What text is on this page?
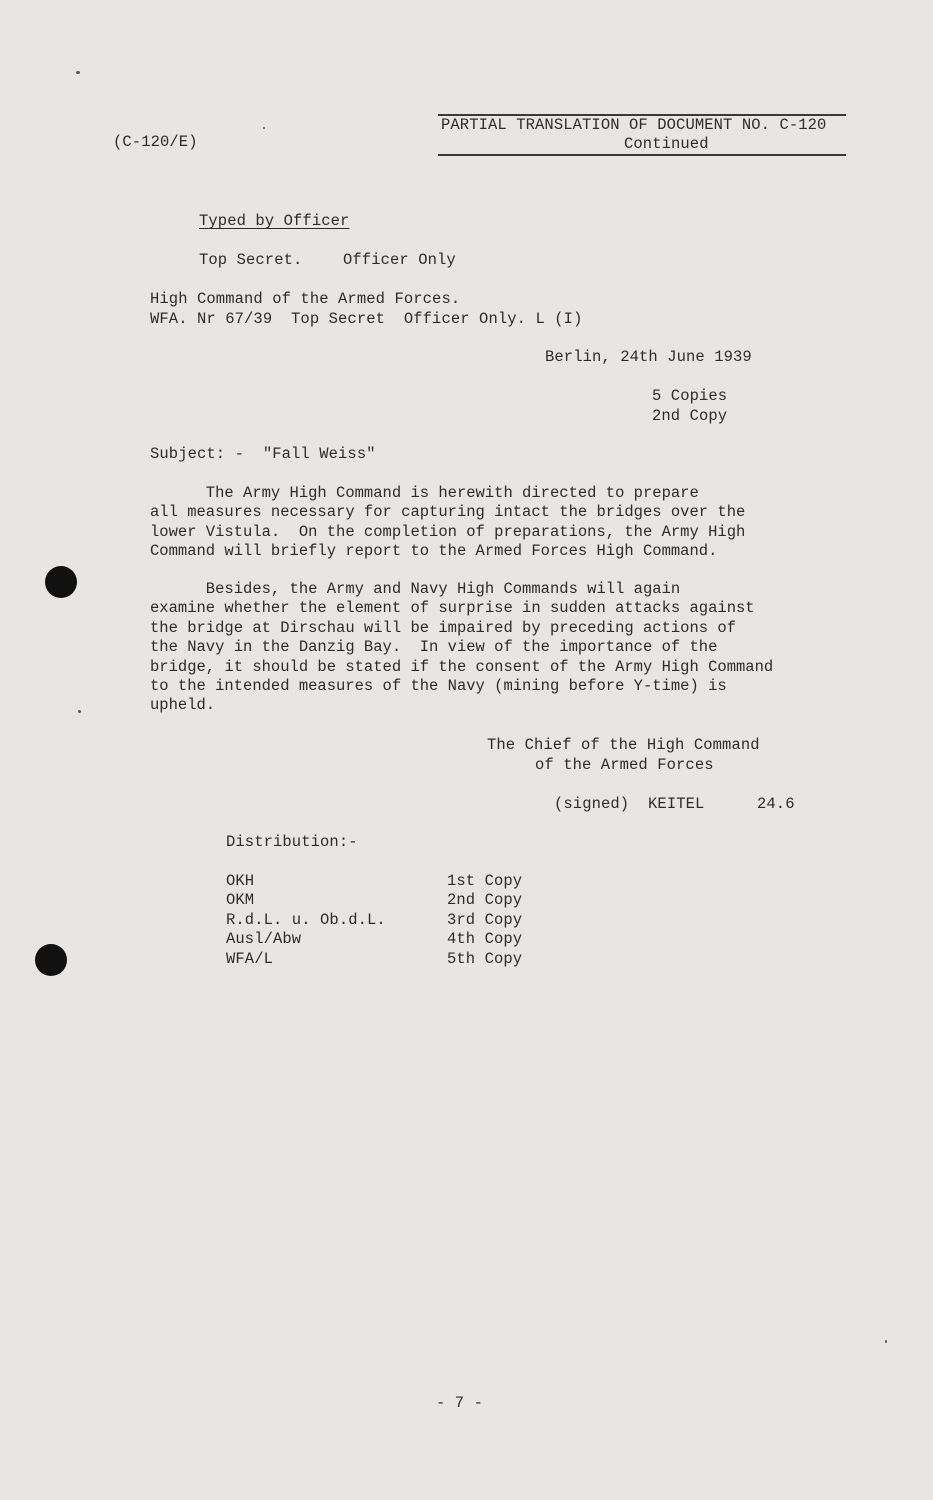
(C-120/E)
PARTIAL TRANSLATION OF DOCUMENT NO. C-120
Continued
Typed by Officer
Top Secret.	Officer Only
High Command of the Armed Forces.
WFA. Nr 67/39  Top Secret  Officer Only. L (I)
Berlin, 24th June 1939
5 Copies
2nd Copy
Subject: -  "Fall Weiss"
The Army High Command is herewith directed to prepare
all measures necessary for capturing intact the bridges over the
lower Vistula.  On the completion of preparations, the Army High
Command will briefly report to the Armed Forces High Command.
Besides, the Army and Navy High Commands will again
examine whether the element of surprise in sudden attacks against
the bridge at Dirschau will be impaired by preceding actions of
the Navy in the Danzig Bay.  In view of the importance of the
bridge, it should be stated if the consent of the Army High Command
to the intended measures of the Navy (mining before Y-time) is
upheld.
The Chief of the High Command
of the Armed Forces
(signed)  KEITEL	24.6
Distribution:-
OKH	1st Copy
OKM	2nd Copy
R.d.L. u. Ob.d.L.	3rd Copy
Ausl/Abw	4th Copy
WFA/L	5th Copy
- 7 -
